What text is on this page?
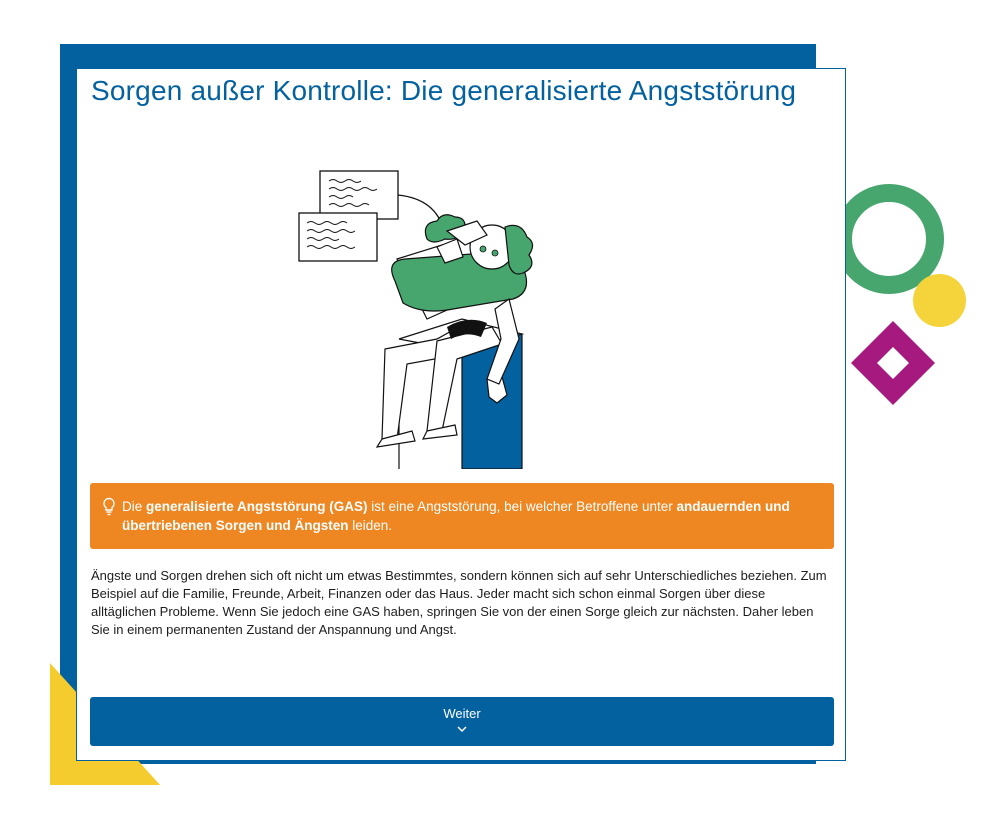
Sorgen außer Kontrolle: Die generalisierte Angststörung
Die generalisierte Angststörung (GAS) ist eine Angststörung, bei welcher Betroffene unter andauernden und übertriebenen Sorgen und Ängsten leiden.

Ängste und Sorgen drehen sich oft nicht um etwas Bestimmtes, sondern können sich auf sehr Unterschiedliches beziehen. Zum Beispiel auf die Familie, Freunde, Arbeit, Finanzen oder das Haus. Jeder macht sich schon einmal Sorgen über diese alltäglichen Probleme. Wenn Sie jedoch eine GAS haben, springen Sie von der einen Sorge gleich zur nächsten. Daher leben Sie in einem permanenten Zustand der Anspannung und Angst.

Weiter
